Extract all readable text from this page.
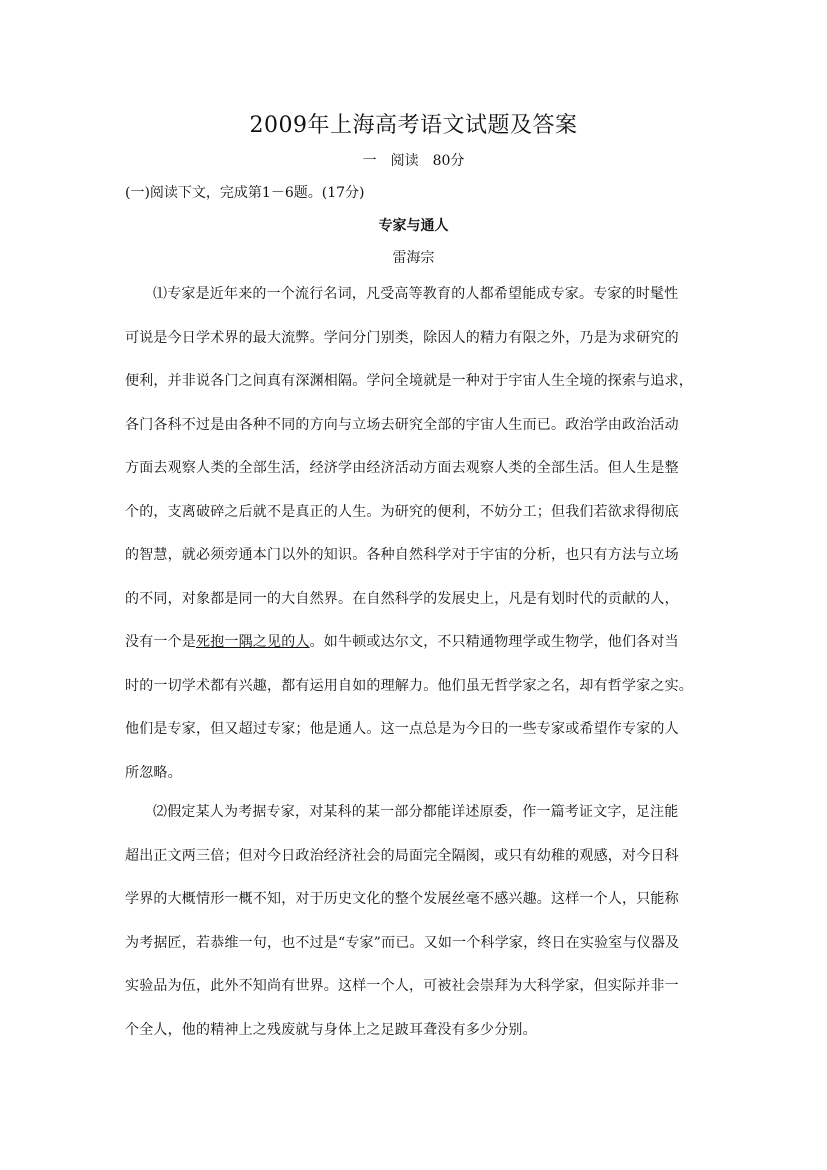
2009年上海高考语文试题及答案
一　阅读　80分
(一)阅读下文，完成第1－6题。(17分)
专家与通人
雷海宗
⑴专家是近年来的一个流行名词，凡受高等教育的人都希望能成专家。专家的时髦性
可说是今日学术界的最大流弊。学问分门别类，除因人的精力有限之外，乃是为求研究的
便利，并非说各门之间真有深渊相隔。学问全境就是一种对于宇宙人生全境的探索与追求，
各门各科不过是由各种不同的方向与立场去研究全部的宇宙人生而已。政治学由政治活动
方面去观察人类的全部生活，经济学由经济活动方面去观察人类的全部生活。但人生是整
个的，支离破碎之后就不是真正的人生。为研究的便利，不妨分工；但我们若欲求得彻底
的智慧，就必须旁通本门以外的知识。各种自然科学对于宇宙的分析，也只有方法与立场
的不同，对象都是同一的大自然界。在自然科学的发展史上，凡是有划时代的贡献的人，
没有一个是死抱一隅之见的人。如牛顿或达尔文，不只精通物理学或生物学，他们各对当
时的一切学术都有兴趣，都有运用自如的理解力。他们虽无哲学家之名，却有哲学家之实。
他们是专家，但又超过专家；他是通人。这一点总是为今日的一些专家或希望作专家的人
所忽略。
⑵假定某人为考据专家，对某科的某一部分都能详述原委，作一篇考证文字，足注能
超出正文两三倍；但对今日政治经济社会的局面完全隔阂，或只有幼稚的观感，对今日科
学界的大概情形一概不知，对于历史文化的整个发展丝毫不感兴趣。这样一个人，只能称
为考据匠，若恭维一句，也不过是“专家”而已。又如一个科学家，终日在实验室与仪器及
实验品为伍，此外不知尚有世界。这样一个人，可被社会崇拜为大科学家，但实际并非一
个全人，他的精神上之残废就与身体上之足跛耳聋没有多少分别。
